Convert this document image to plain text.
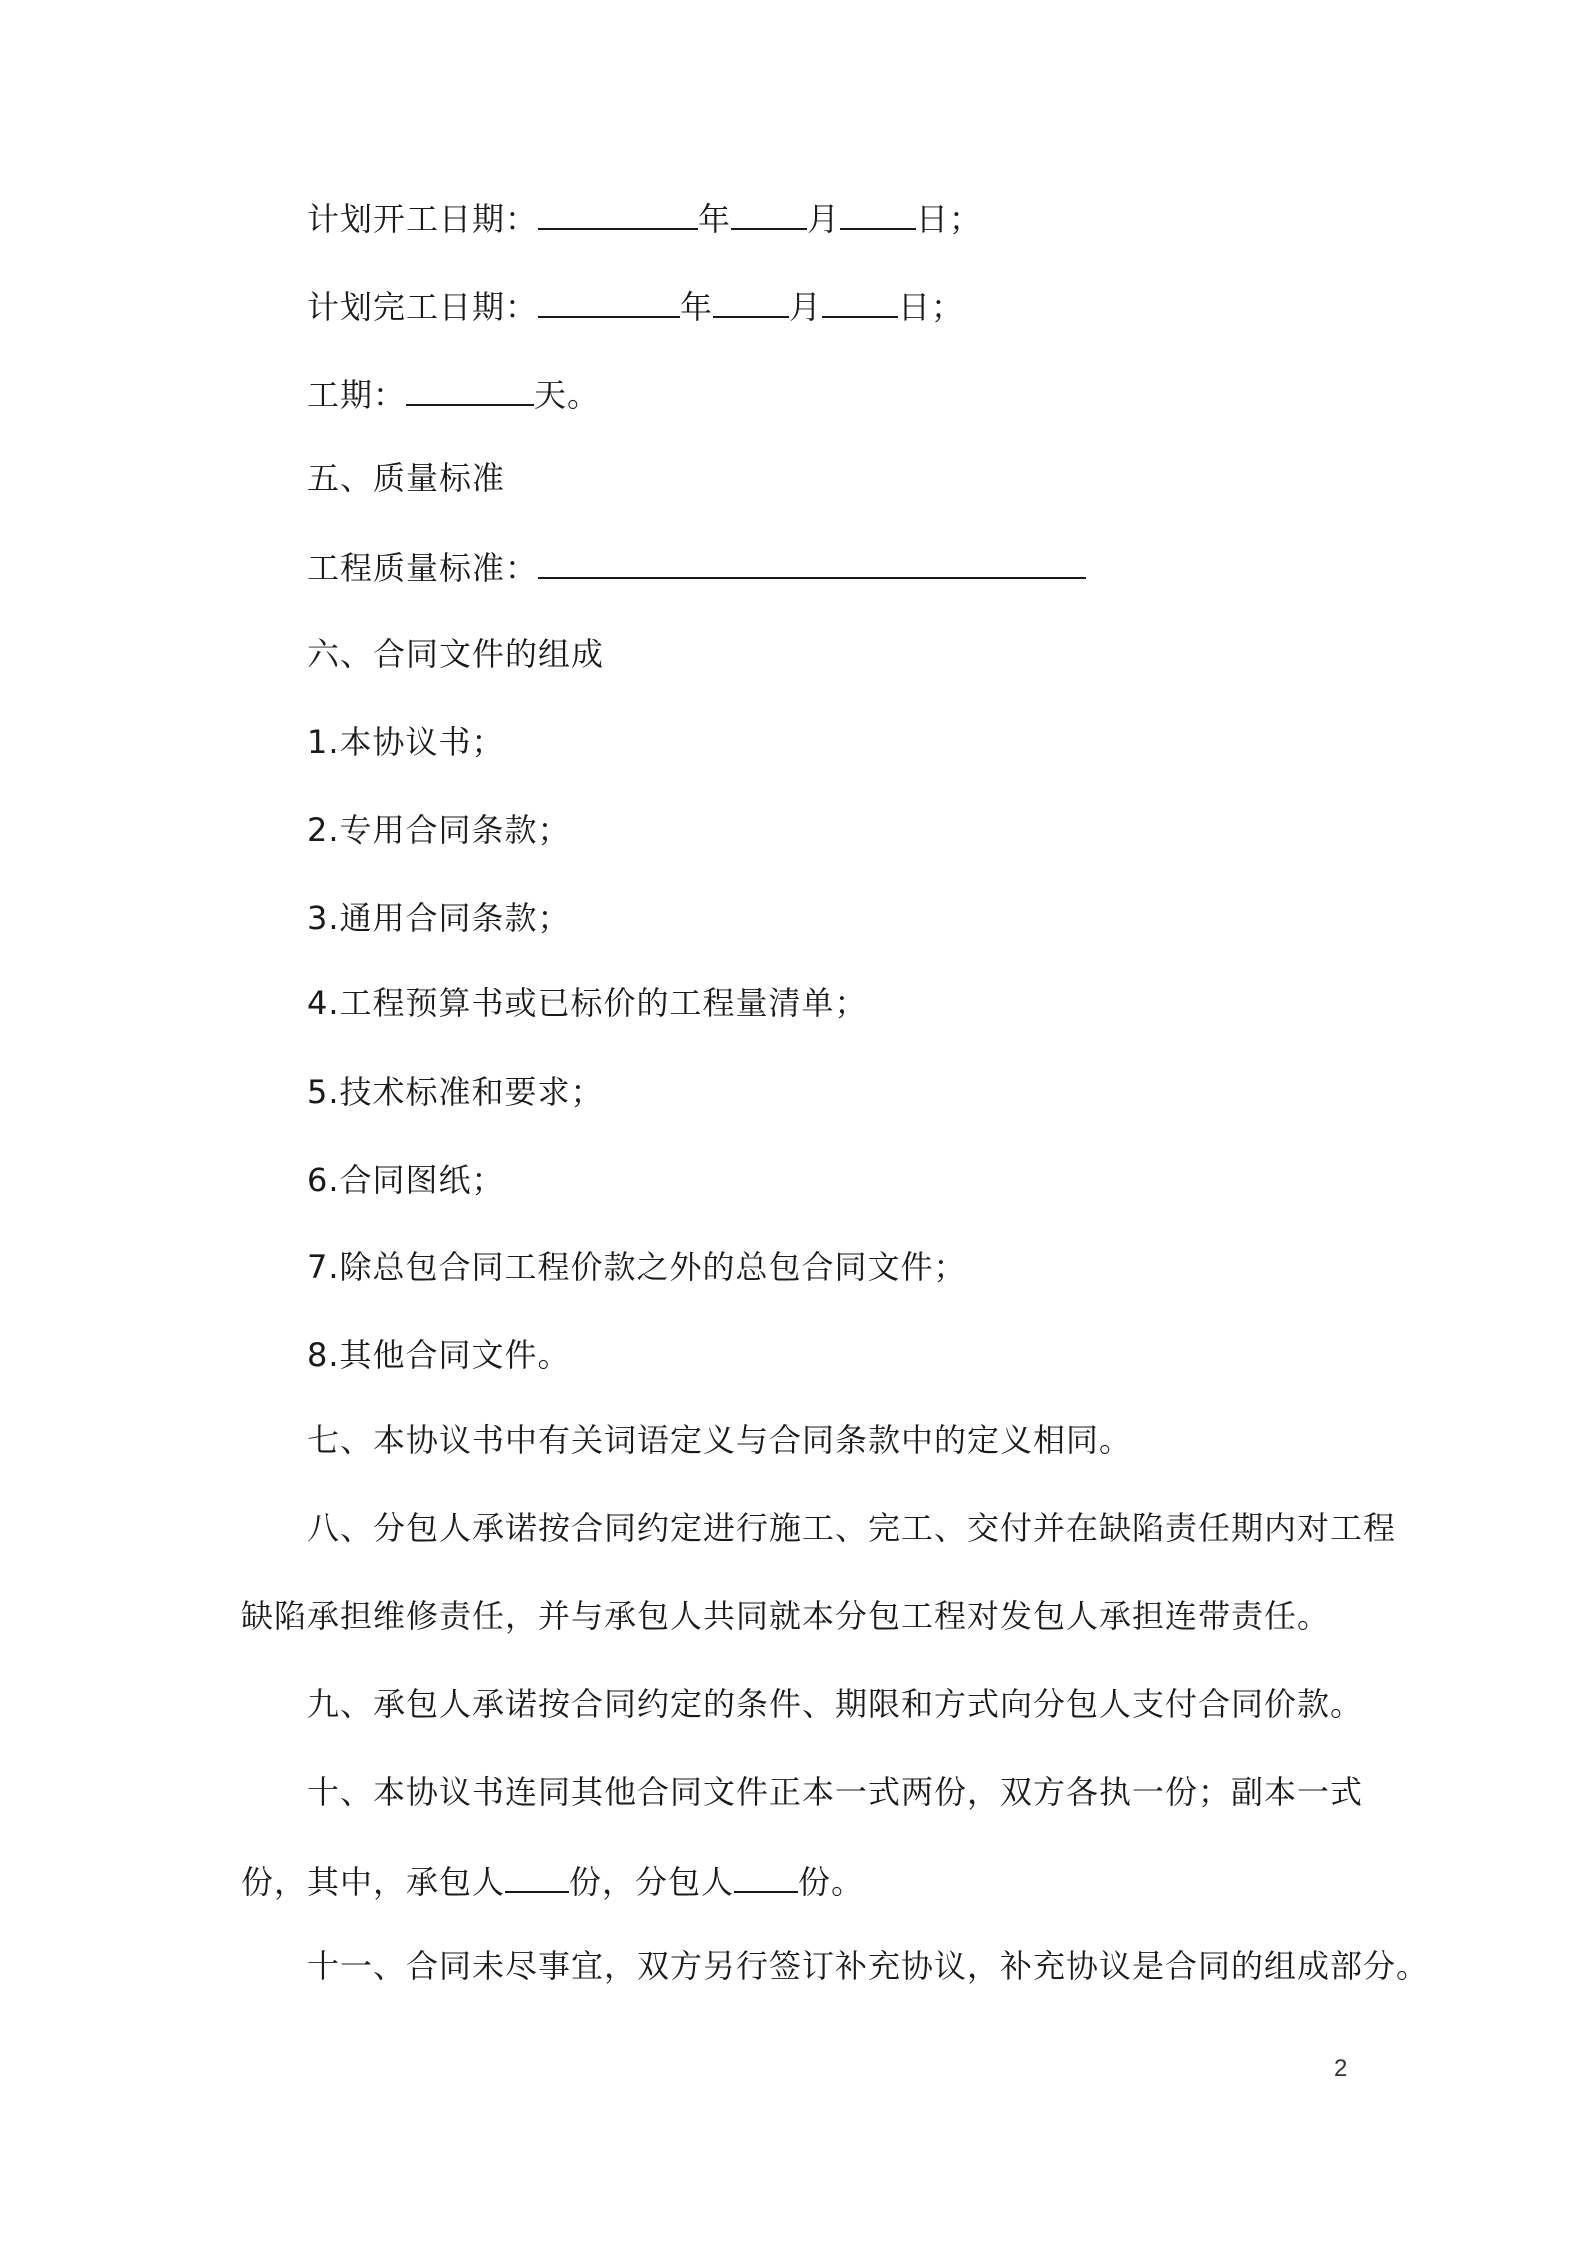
计划开工日期：	年 月 日；
计划完工日期：	年 月 日；
工期：	天。
五、质量标准
工程质量标准：
六、合同文件的组成
1.本协议书；
2.专用合同条款；
3.通用合同条款；
4.工程预算书或已标价的工程量清单；
5.技术标准和要求；
6.合同图纸；
7.除总包合同工程价款之外的总包合同文件；
8.其他合同文件。
七、本协议书中有关词语定义与合同条款中的定义相同。
八、分包人承诺按合同约定进行施工、完工、交付并在缺陷责任期内对工程
缺陷承担维修责任，并与承包人共同就本分包工程对发包人承担连带责任。
九、承包人承诺按合同约定的条件、期限和方式向分包人支付合同价款。
十、本协议书连同其他合同文件正本一式两份，双方各执一份；副本一式
份，其中，承包人 份，分包人 份。
十一、合同未尽事宜，双方另行签订补充协议，补充协议是合同的组成部分。
2
